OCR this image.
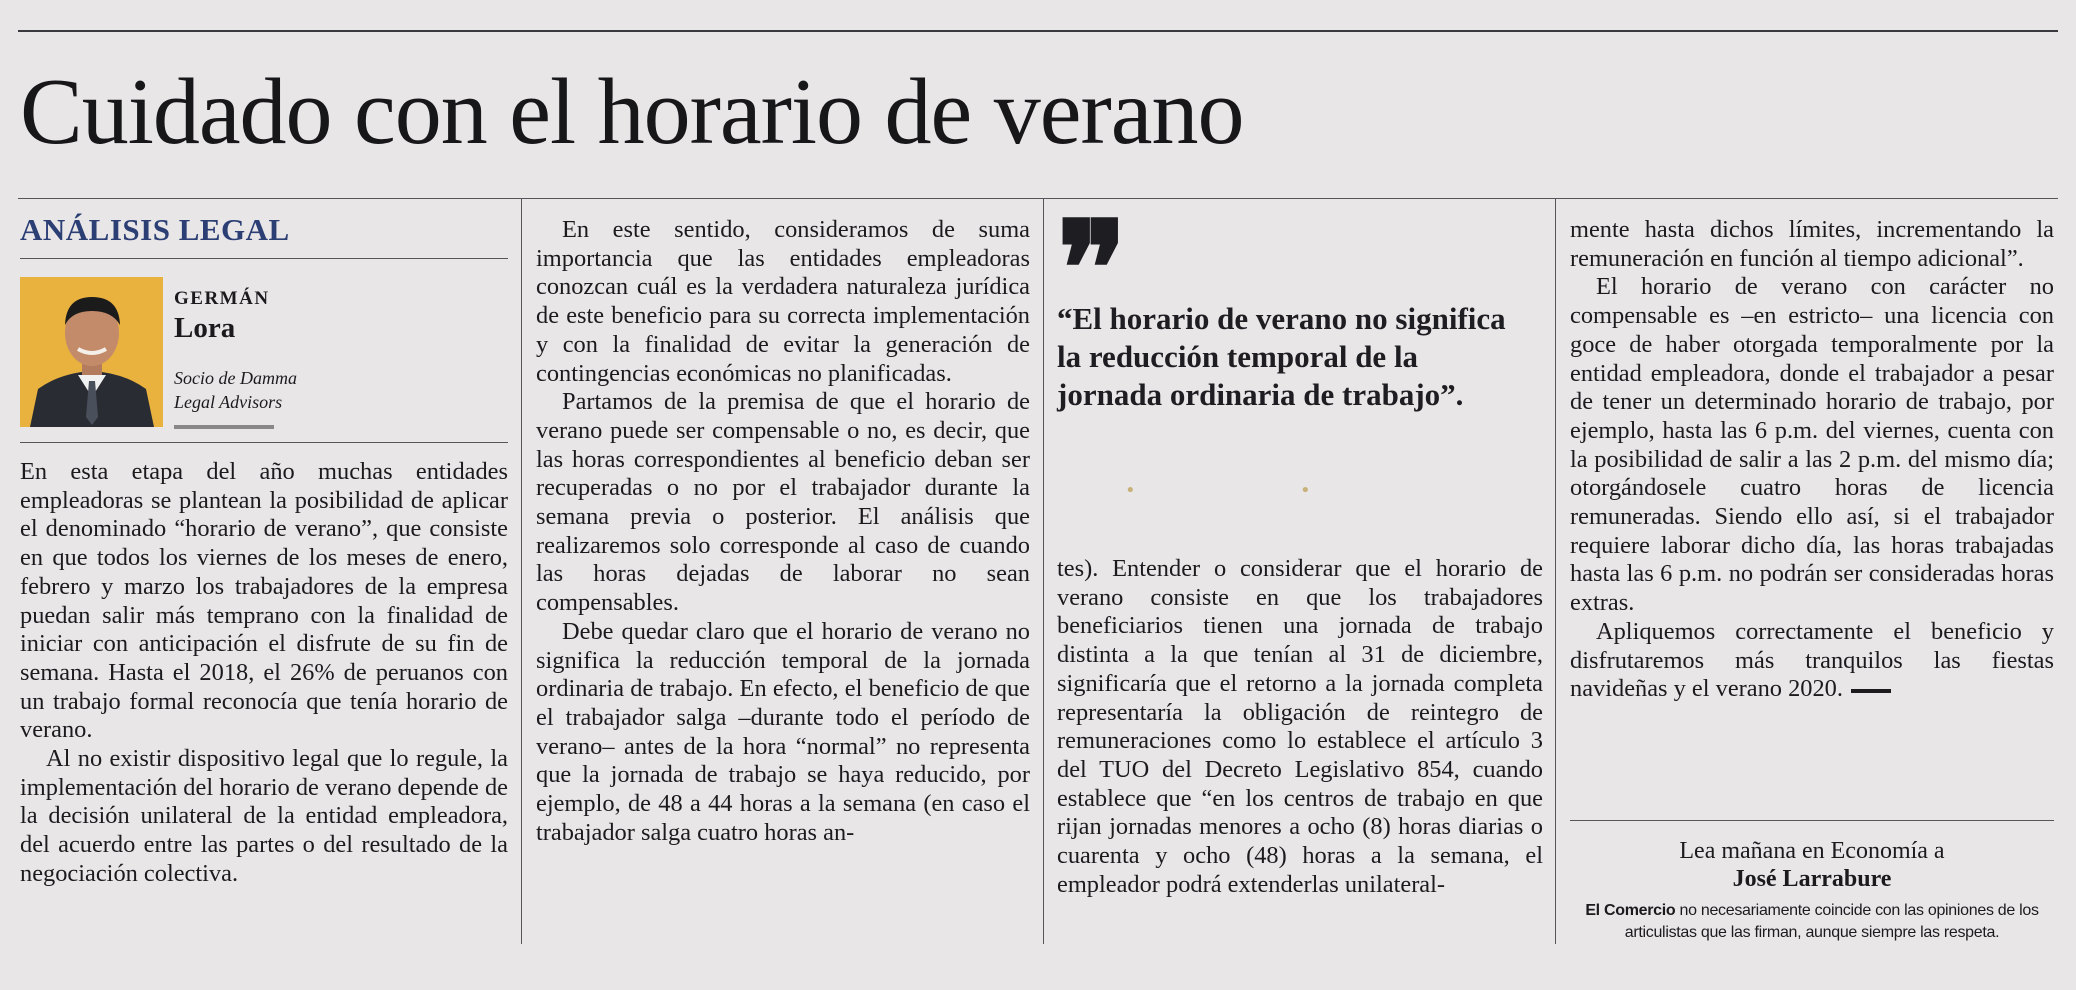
Cuidado con el horario de verano
ANÁLISIS LEGAL
GERMÁN
Lora
Socio de Damma
Legal Advisors

En esta etapa del año muchas entidades empleadoras se plantean la posibilidad de aplicar el denominado “horario de verano”, que consiste en que todos los viernes de los meses de enero, febrero y marzo los trabajadores de la empresa puedan salir más temprano con la finalidad de iniciar con anticipación el disfrute de su fin de semana. Hasta el 2018, el 26% de peruanos con un trabajo formal reconocía que tenía horario de verano.

Al no existir dispositivo legal que lo regule, la implementación del horario de verano depende de la decisión unilateral de la entidad empleadora, del acuerdo entre las partes o del resultado de la negociación colectiva.

En este sentido, consideramos de suma importancia que las entidades empleadoras conozcan cuál es la verdadera naturaleza jurídica de este beneficio para su correcta implementación y con la finalidad de evitar la generación de contingencias económicas no planificadas.

Partamos de la premisa de que el horario de verano puede ser compensable o no, es decir, que las horas correspondientes al beneficio deban ser recuperadas o no por el trabajador durante la semana previa o posterior. El análisis que realizaremos solo corresponde al caso de cuando las horas dejadas de laborar no sean compensables.

Debe quedar claro que el horario de verano no significa la reducción temporal de la jornada ordinaria de trabajo. En efecto, el beneficio de que el trabajador salga –durante todo el período de verano– antes de la hora “normal” no representa que la jornada de trabajo se haya reducido, por ejemplo, de 48 a 44 horas a la semana (en caso el trabajador salga cuatro horas an-

❞
“El horario de verano no significa la reducción temporal de la jornada ordinaria de trabajo”.
•	•

tes). Entender o considerar que el horario de verano consiste en que los trabajadores beneficiarios tienen una jornada de trabajo distinta a la que tenían al 31 de diciembre, significaría que el retorno a la jornada completa representaría la obligación de reintegro de remuneraciones como lo establece el artículo 3 del TUO del Decreto Legislativo 854, cuando establece que “en los centros de trabajo en que rijan jornadas menores a ocho (8) horas diarias o cuarenta y ocho (48) horas a la semana, el empleador podrá extenderlas unilateral-

mente hasta dichos límites, incrementando la remuneración en función al tiempo adicional”.

El horario de verano con carácter no compensable es –en estricto– una licencia con goce de haber otorgada temporalmente por la entidad empleadora, donde el trabajador a pesar de tener un determinado horario de trabajo, por ejemplo, hasta las 6 p.m. del viernes, cuenta con la posibilidad de salir a las 2 p.m. del mismo día; otorgándosele cuatro horas de licencia remuneradas. Siendo ello así, si el trabajador requiere laborar dicho día, las horas trabajadas hasta las 6 p.m. no podrán ser consideradas horas extras.

Apliquemos correctamente el beneficio y disfrutaremos más tranquilos las fiestas navideñas y el verano 2020.

Lea mañana en Economía a
José Larrabure
El Comercio no necesariamente coincide con las opiniones de los articulistas que las firman, aunque siempre las respeta.
